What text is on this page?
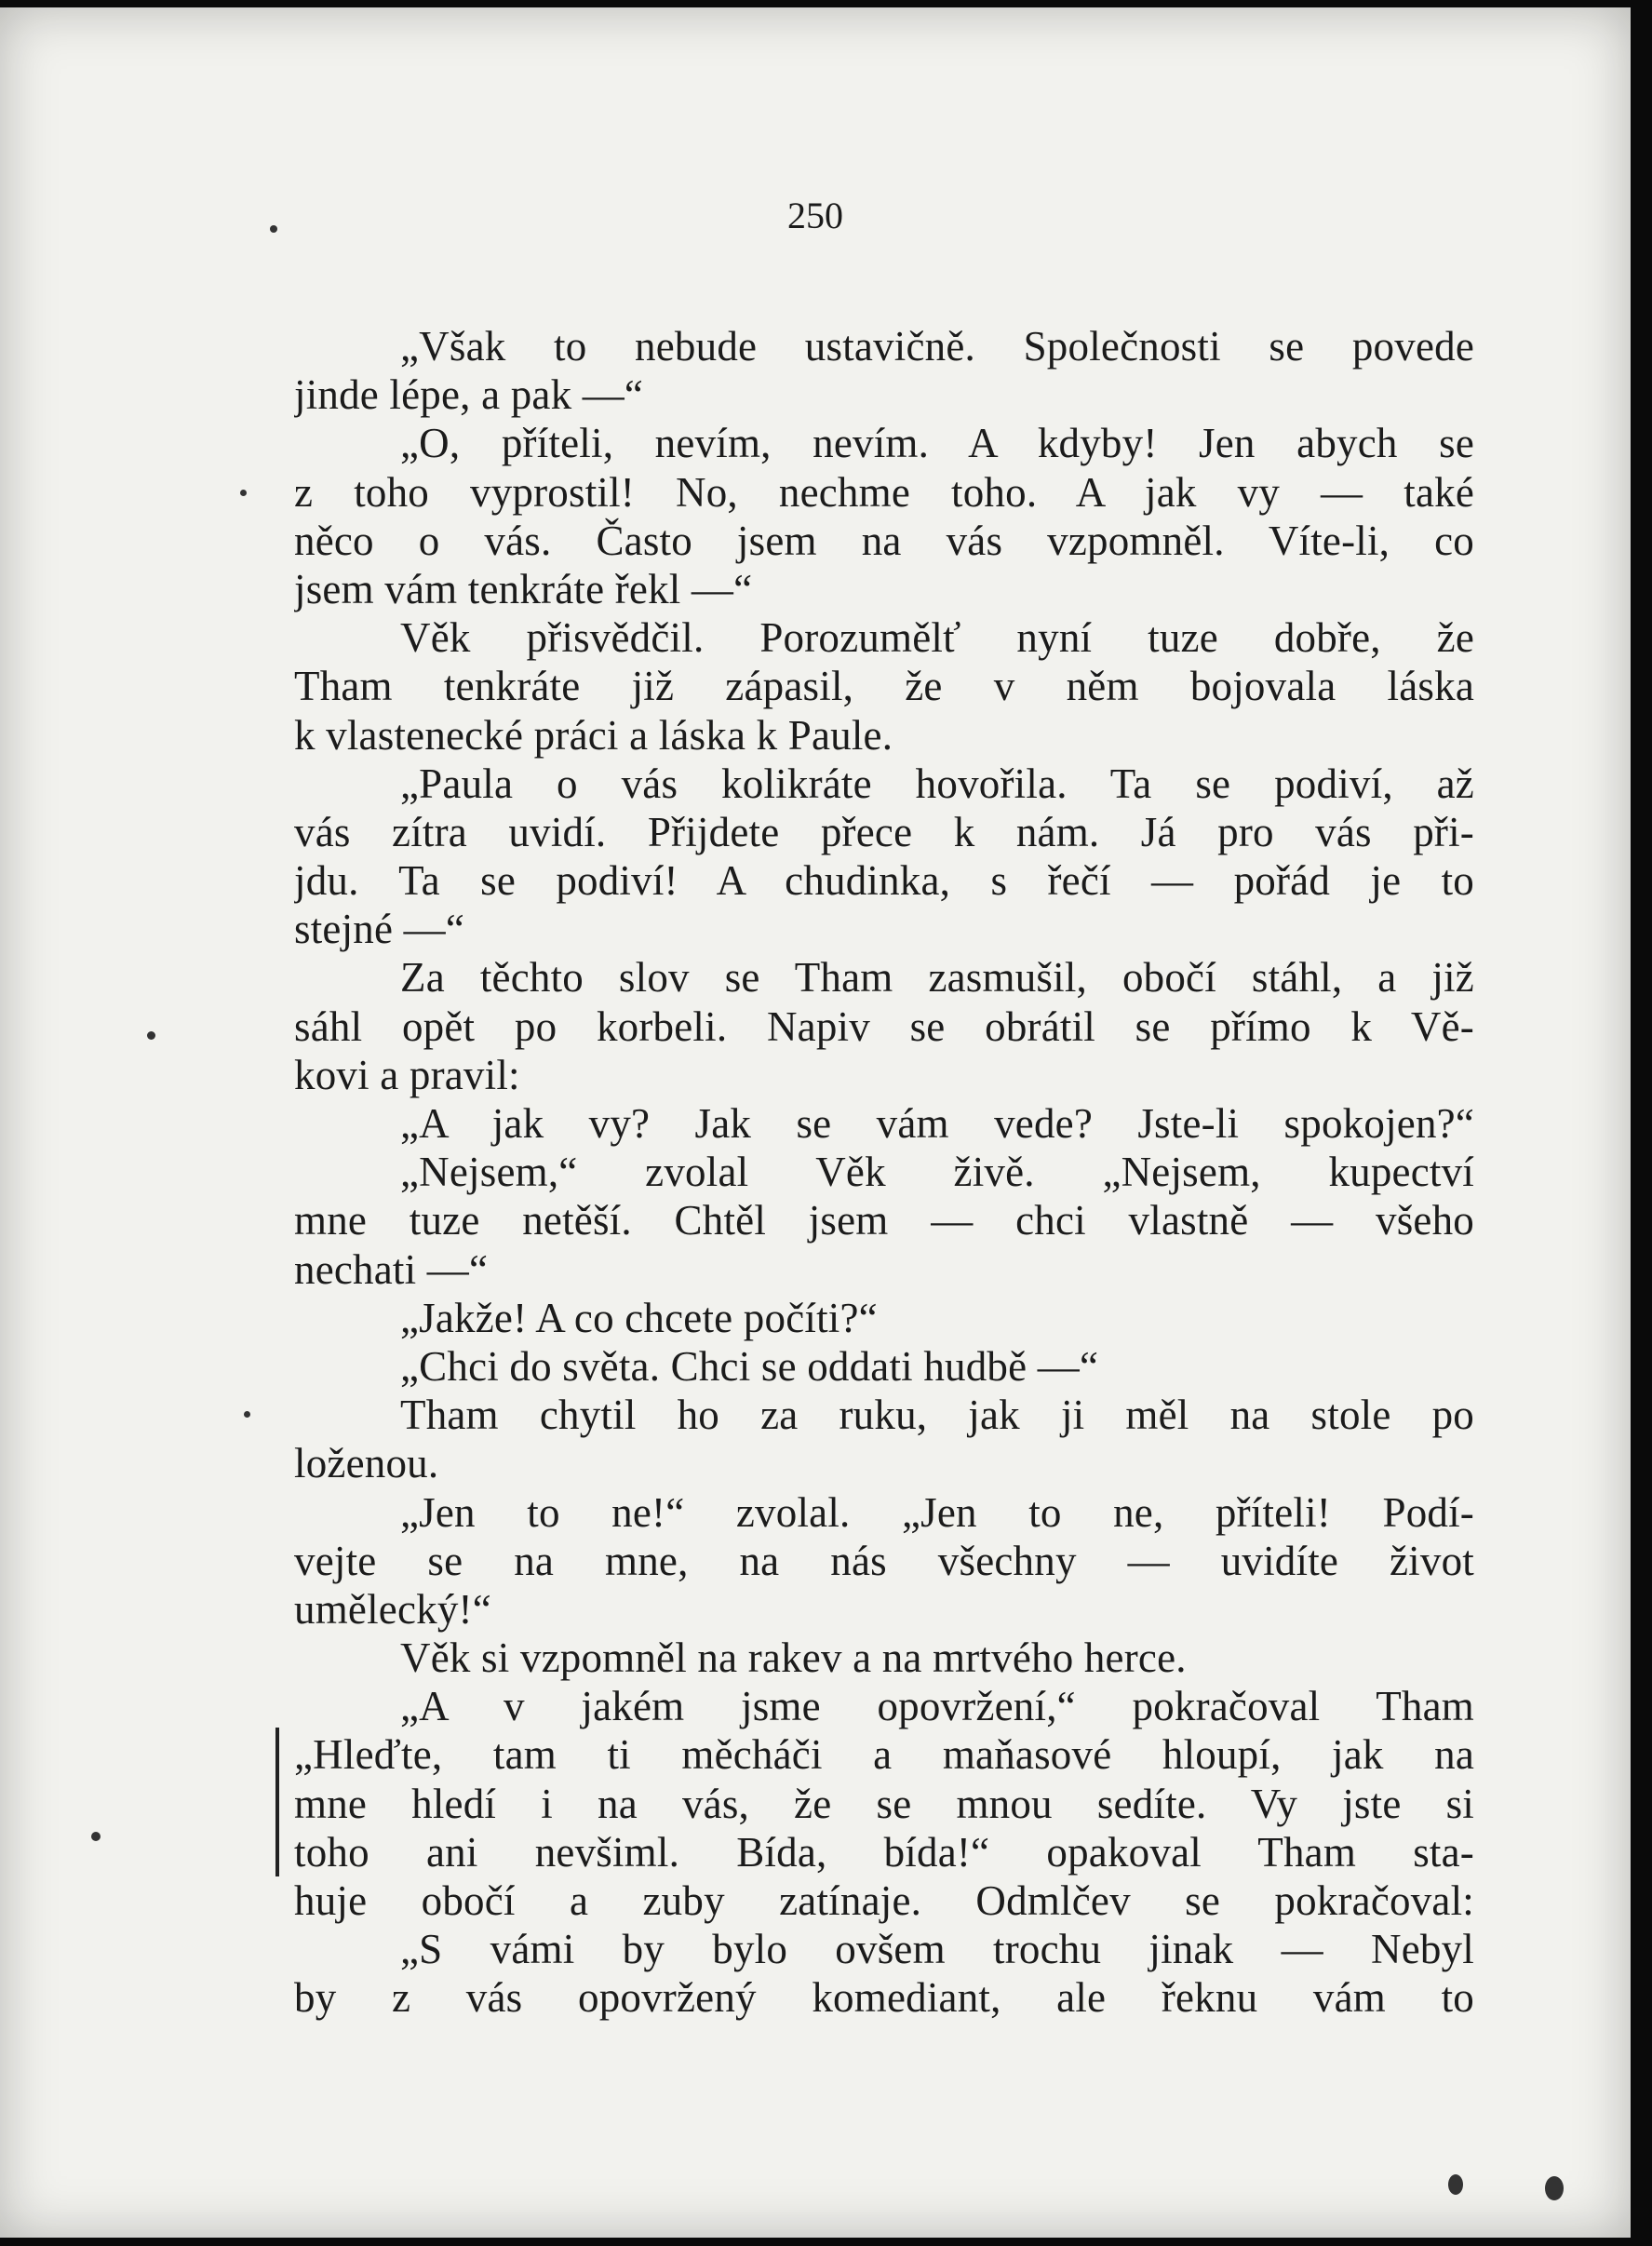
250
„Však to nebude ustavičně. Společnosti se povede
jinde lépe, a pak —“
„O, příteli, nevím, nevím. A kdyby! Jen abych se
z toho vyprostil! No, nechme toho. A jak vy — také
něco o vás. Často jsem na vás vzpomněl. Víte-li, co
jsem vám tenkráte řekl —“
Věk přisvědčil. Porozumělť nyní tuze dobře, že
Tham tenkráte již zápasil, že v něm bojovala láska
k vlastenecké práci a láska k Paule.
„Paula o vás kolikráte hovořila. Ta se podiví, až
vás zítra uvidí. Přijdete přece k nám. Já pro vás při-
jdu. Ta se podiví! A chudinka, s řečí — pořád je to
stejné —“
Za těchto slov se Tham zasmušil, obočí stáhl, a již
sáhl opět po korbeli. Napiv se obrátil se přímo k Vě-
kovi a pravil:
„A jak vy? Jak se vám vede? Jste-li spokojen?“
„Nejsem,“ zvolal Věk živě. „Nejsem, kupectví
mne tuze netěší. Chtěl jsem — chci vlastně — všeho
nechati —“
„Jakže! A co chcete počíti?“
„Chci do světa. Chci se oddati hudbě —“
Tham chytil ho za ruku, jak ji měl na stole po
loženou.
„Jen to ne!“ zvolal. „Jen to ne, příteli! Podí-
vejte se na mne, na nás všechny — uvidíte život
umělecký!“
Věk si vzpomněl na rakev a na mrtvého herce.
„A v jakém jsme opovržení,“ pokračoval Tham
„Hleďte, tam ti měcháči a maňasové hloupí, jak na
mne hledí i na vás, že se mnou sedíte. Vy jste si
toho ani nevšiml. Bída, bída!“ opakoval Tham sta-
huje obočí a zuby zatínaje. Odmlčev se pokračoval:
„S vámi by bylo ovšem trochu jinak — Nebyl
by z vás opovržený komediant, ale řeknu vám to
